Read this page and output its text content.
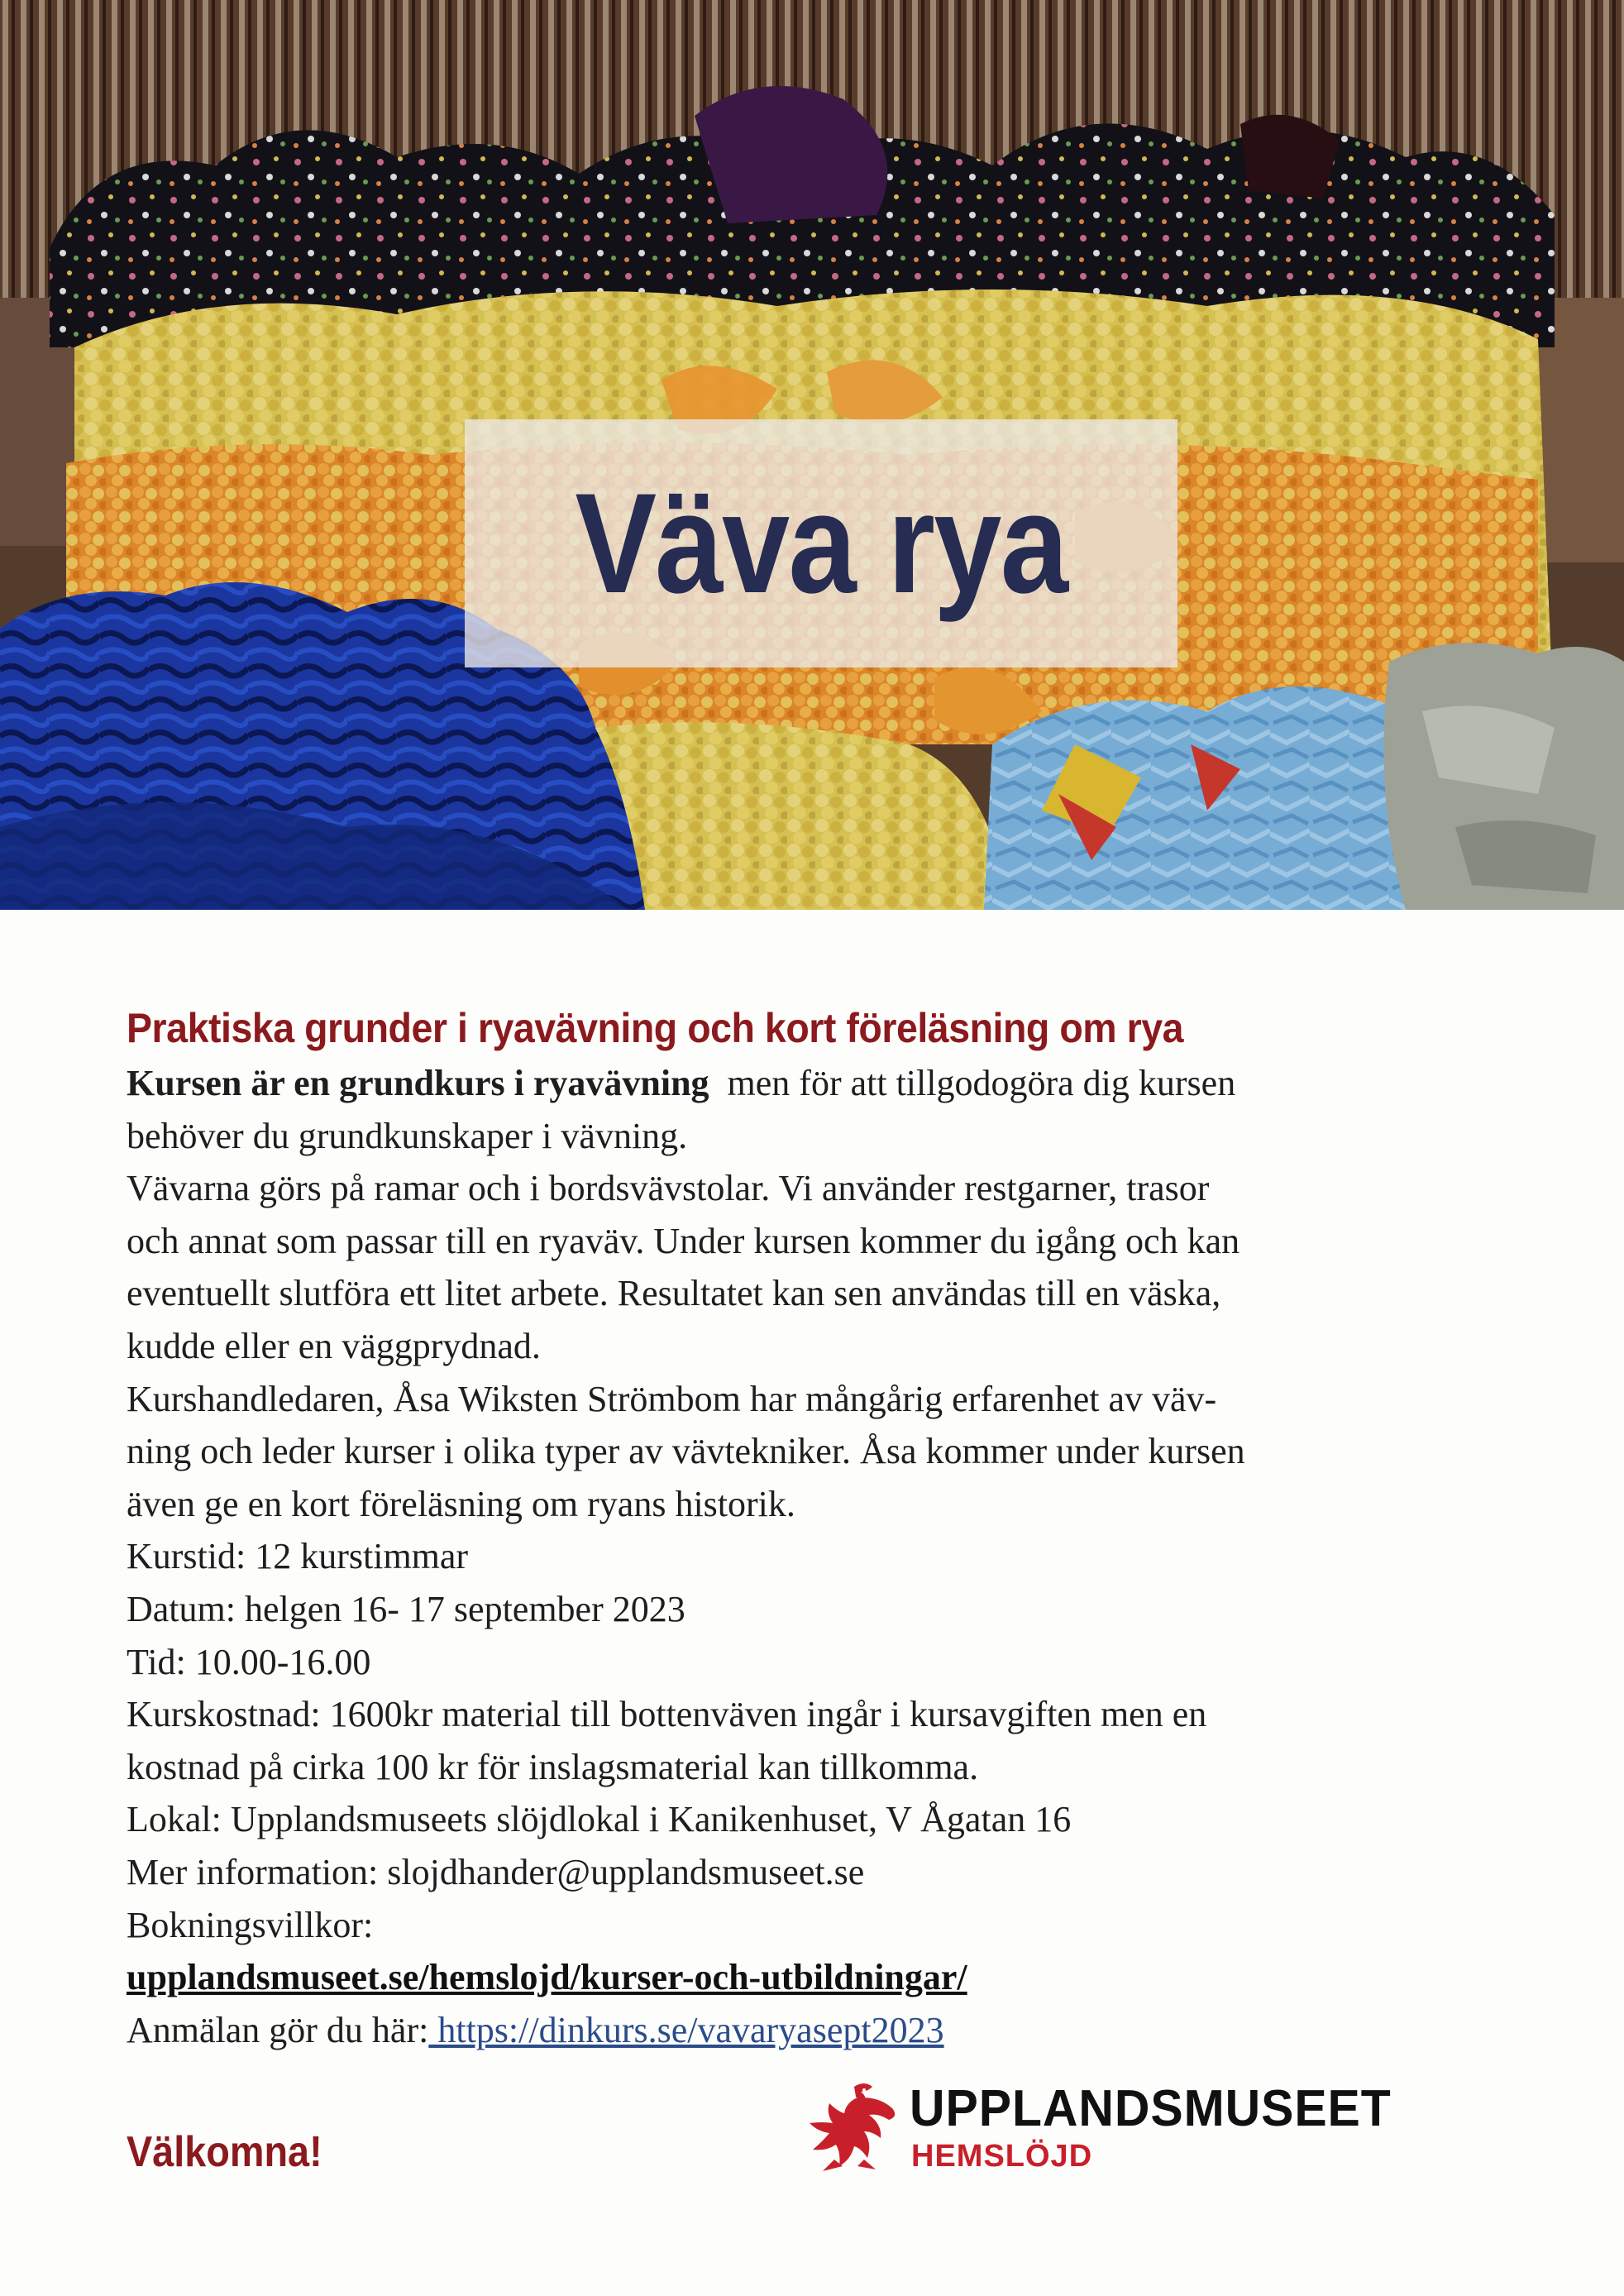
Väva rya
Praktiska grunder i ryavävning och kort föreläsning om rya
Kursen är en grundkurs i ryavävning  men för att tillgodogöra dig kursen
behöver du grundkunskaper i vävning.
Vävarna görs på ramar och i bordsvävstolar. Vi använder restgarner, trasor
och annat som passar till en ryaväv. Under kursen kommer du igång och kan
eventuellt slutföra ett litet arbete. Resultatet kan sen användas till en väska,
kudde eller en väggprydnad.
Kurshandledaren, Åsa Wiksten Strömbom har mångårig erfarenhet av väv-
ning och leder kurser i olika typer av vävtekniker. Åsa kommer under kursen
även ge en kort föreläsning om ryans historik.
Kurstid: 12 kurstimmar
Datum: helgen 16- 17 september 2023
Tid: 10.00-16.00
Kurskostnad: 1600kr material till bottenväven ingår i kursavgiften men en
kostnad på cirka 100 kr för inslagsmaterial kan tillkomma.
Lokal: Upplandsmuseets slöjdlokal i Kanikenhuset, V Ågatan 16
Mer information: slojdhander@upplandsmuseet.se
Bokningsvillkor:
upplandsmuseet.se/hemslojd/kurser-och-utbildningar/
Anmälan gör du här: https://dinkurs.se/vavaryasept2023
Välkomna!
UPPLANDSMUSEET
HEMSLÖJD
